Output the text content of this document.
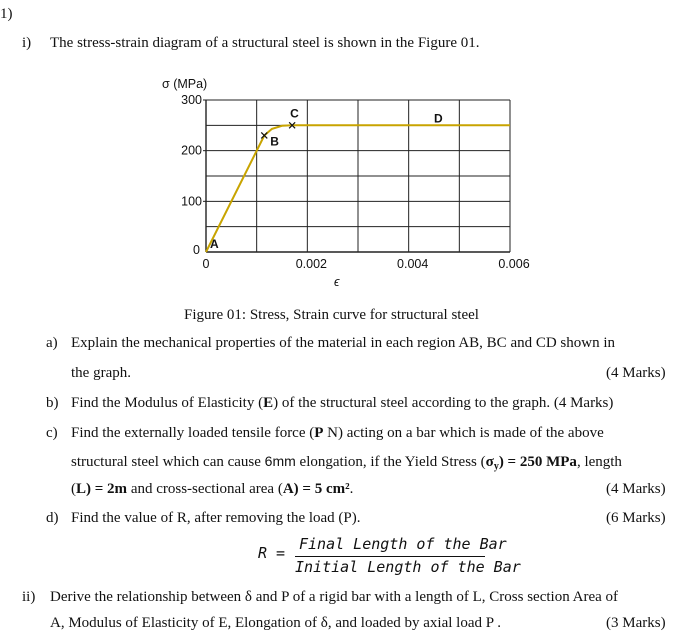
1)
i) The stress-strain diagram of a structural steel is shown in the Figure 01.
100
200
300
0
0	0.002	0.004	0.006
σ (MPa)
ϵ
A
B
C	D
Figure 01: Stress, Strain curve for structural steel
a) Explain the mechanical properties of the material in each region AB, BC and CD shown in
the graph.	(4 Marks)
b) Find the Modulus of Elasticity (E) of the structural steel according to the graph. (4 Marks)
c) Find the externally loaded tensile force (P N) acting on a bar which is made of the above
structural steel which can cause 6mm elongation, if the Yield Stress $(\sigma_y) = 250$ MPa, length
(L) = 2m and cross-sectional area (A) = 5 cm².	(4 Marks)
d) Find the value of R, after removing the load (P).	(6 Marks)
R = Final Length of the Bar
Initial Length of the Bar
ii) Derive the relationship between δ and P of a rigid bar with a length of L, Cross section Area of
A, Modulus of Elasticity of E, Elongation of δ, and loaded by axial load P .	(3 Marks)
